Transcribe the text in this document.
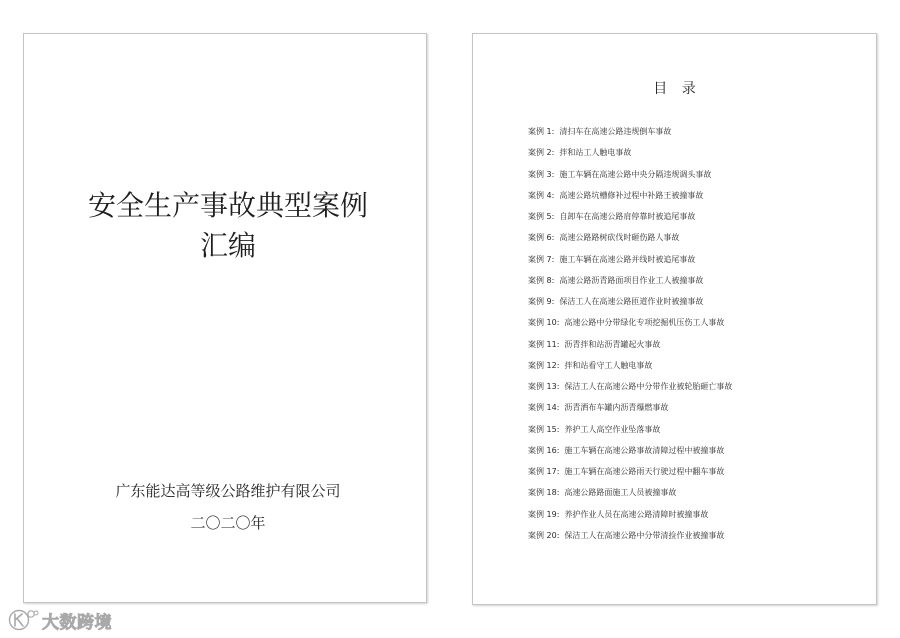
安全生产事故典型案例
汇编
广东能达高等级公路维护有限公司
二〇二〇年
目 录
案例 1: 清扫车在高速公路违规倒车事故
案例 2: 拌和站工人触电事故
案例 3: 施工车辆在高速公路中央分隔违规调头事故
案例 4: 高速公路坑槽修补过程中补路王被撞事故
案例 5: 自卸车在高速公路肩停靠时被追尾事故
案例 6: 高速公路路树砍伐时砸伤路人事故
案例 7: 施工车辆在高速公路并线时被追尾事故
案例 8: 高速公路沥青路面项目作业工人被撞事故
案例 9: 保洁工人在高速公路匝道作业时被撞事故
案例 10: 高速公路中分带绿化专项挖掘机压伤工人事故
案例 11: 沥青拌和站沥青罐起火事故
案例 12: 拌和站看守工人触电事故
案例 13: 保洁工人在高速公路中分带作业被轮胎砸亡事故
案例 14: 沥青洒布车罐内沥青爆燃事故
案例 15: 养护工人高空作业坠落事故
案例 16: 施工车辆在高速公路事故清障过程中被撞事故
案例 17: 施工车辆在高速公路雨天行驶过程中翻车事故
案例 18: 高速公路路面施工人员被撞事故
案例 19: 养护作业人员在高速公路清障时被撞事故
案例 20: 保洁工人在高速公路中分带清捡作业被撞事故
大数跨境
